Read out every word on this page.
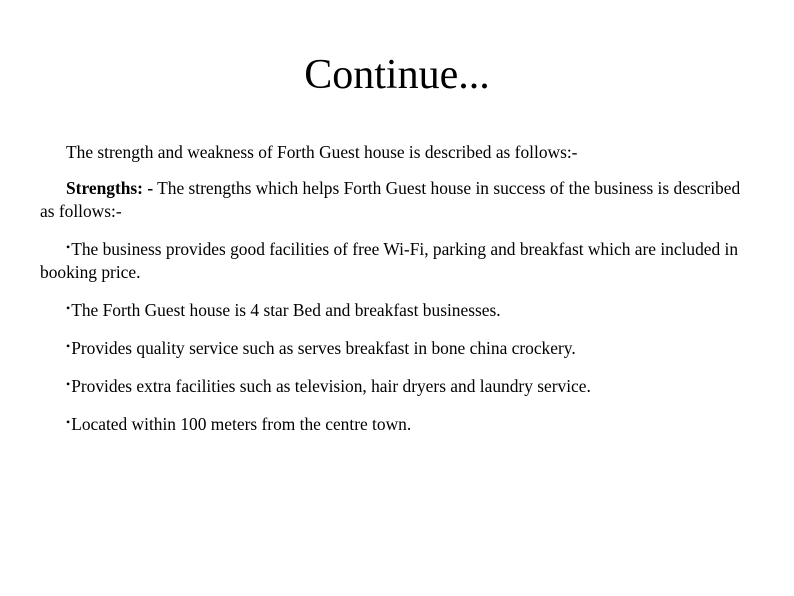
Continue...

The strength and weakness of Forth Guest house is described as follows:-

Strengths: - The strengths which helps Forth Guest house in success of the business is described as follows:-

•The business provides good facilities of free Wi-Fi, parking and breakfast which are included in booking price.

•The Forth Guest house is 4 star Bed and breakfast businesses.

•Provides quality service such as serves breakfast in bone china crockery.

•Provides extra facilities such as television, hair dryers and laundry service.

•Located within 100 meters from the centre town.
